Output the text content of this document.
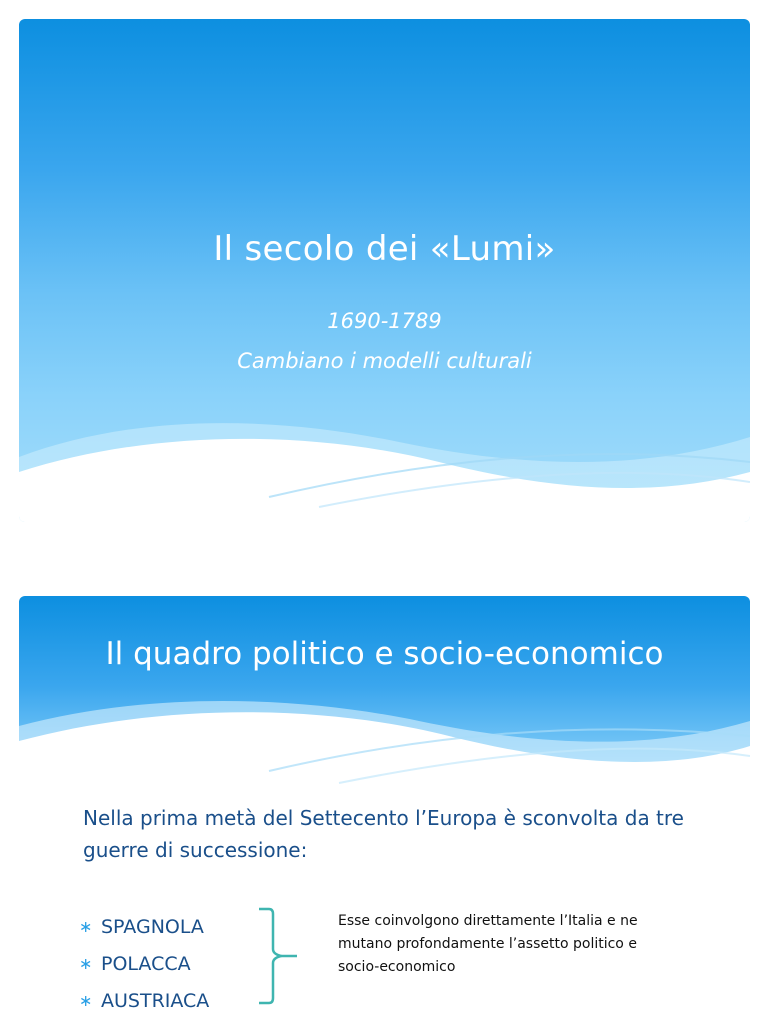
Il secolo dei «Lumi»
1690-1789
Cambiano i modelli culturali
Il quadro politico e socio-economico
Nella prima metà del Settecento l’Europa è sconvolta da tre guerre di successione:
∗ SPAGNOLA
∗ POLACCA
∗ AUSTRIACA
Esse coinvolgono direttamente l’Italia e ne mutano profondamente l’assetto politico e socio-economico
